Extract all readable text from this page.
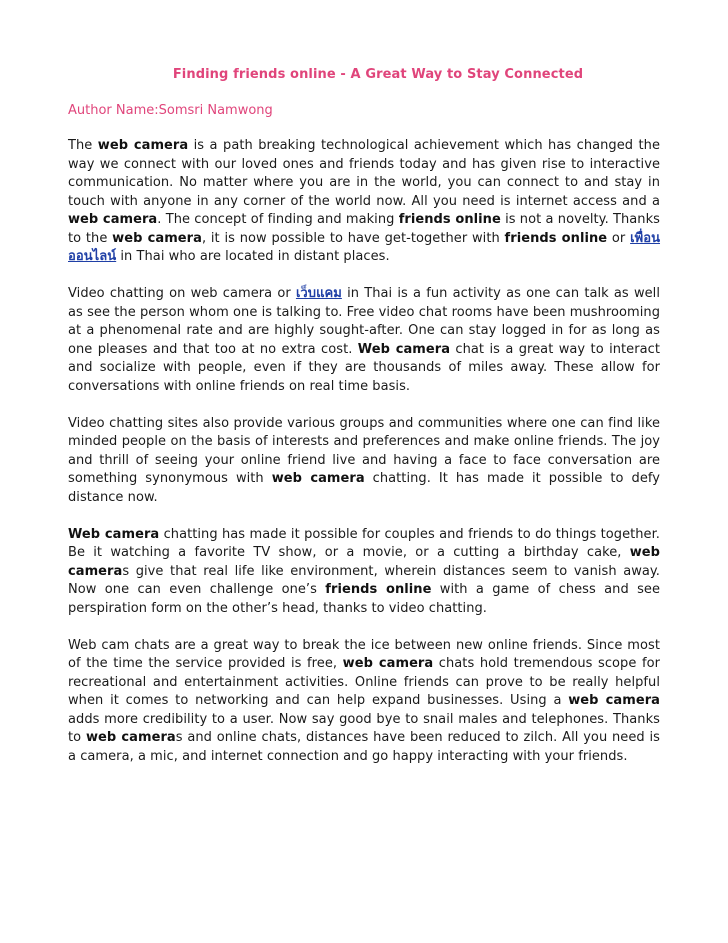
Finding friends online - A Great Way to Stay Connected
Author Name:Somsri Namwong

The web camera is a path breaking technological achievement which has changed the way we connect with our loved ones and friends today and has given rise to interactive communication. No matter where you are in the world, you can connect to and stay in touch with anyone in any corner of the world now. All you need is internet access and a web camera. The concept of finding and making friends online is not a novelty. Thanks to the web camera, it is now possible to have get-together with friends online or เพื่อนออนไลน์ in Thai who are located in distant places.

Video chatting on web camera or เว็บแคม in Thai is a fun activity as one can talk as well as see the person whom one is talking to. Free video chat rooms have been mushrooming at a phenomenal rate and are highly sought-after. One can stay logged in for as long as one pleases and that too at no extra cost. Web camera chat is a great way to interact and socialize with people, even if they are thousands of miles away. These allow for conversations with online friends on real time basis.

Video chatting sites also provide various groups and communities where one can find like minded people on the basis of interests and preferences and make online friends. The joy and thrill of seeing your online friend live and having a face to face conversation are something synonymous with web camera chatting. It has made it possible to defy distance now.

Web camera chatting has made it possible for couples and friends to do things together. Be it watching a favorite TV show, or a movie, or a cutting a birthday cake, web cameras give that real life like environment, wherein distances seem to vanish away. Now one can even challenge one’s friends online with a game of chess and see perspiration form on the other’s head, thanks to video chatting.

Web cam chats are a great way to break the ice between new online friends. Since most of the time the service provided is free, web camera chats hold tremendous scope for recreational and entertainment activities. Online friends can prove to be really helpful when it comes to networking and can help expand businesses. Using a web camera adds more credibility to a user. Now say good bye to snail males and telephones. Thanks to web cameras and online chats, distances have been reduced to zilch. All you need is a camera, a mic, and internet connection and go happy interacting with your friends.
